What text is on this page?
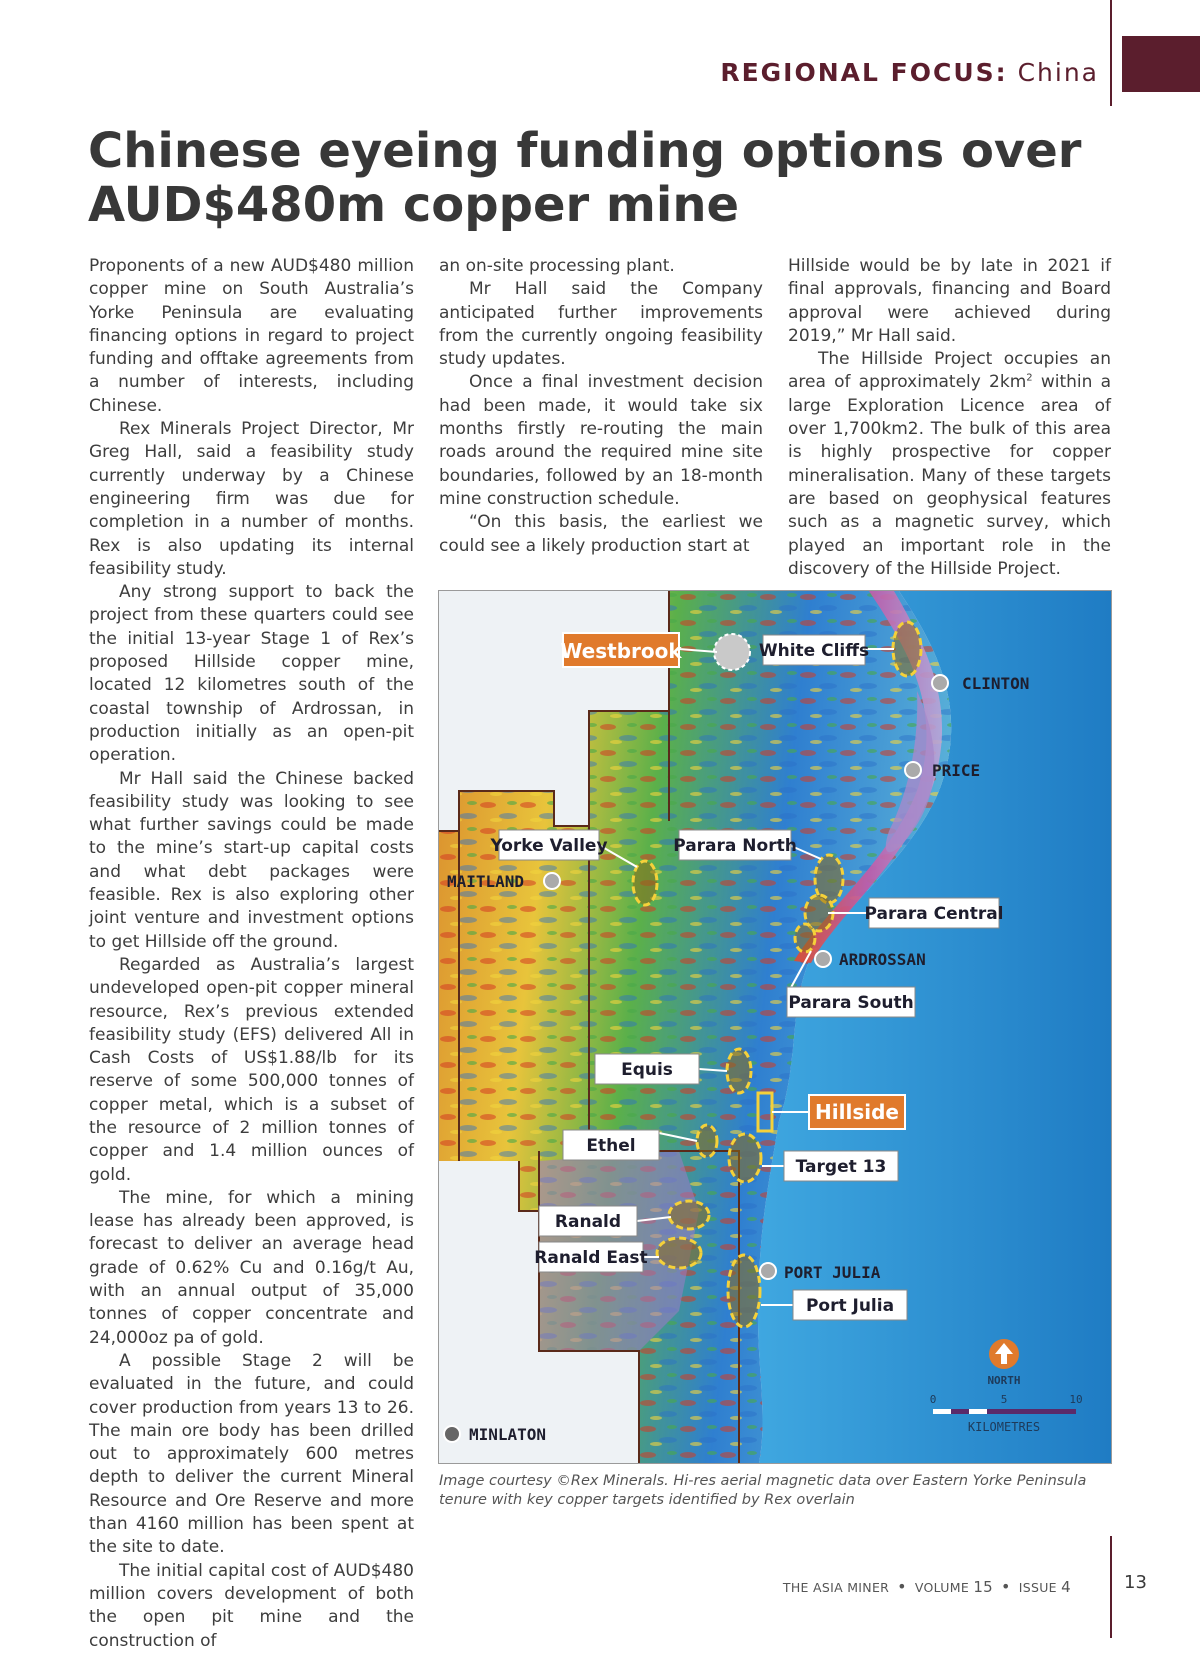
REGIONAL FOCUS: China
Chinese eyeing funding options over
AUD$480m copper mine

Proponents of a new AUD$480 million copper mine on South Australia’s Yorke Peninsula are evaluating financing options in regard to project funding and offtake agreements from a number of interests, including Chinese.

Rex Minerals Project Director, Mr Greg Hall, said a feasibility study currently underway by a Chinese engineering firm was due for completion in a number of months. Rex is also updating its internal feasibility study.

Any strong support to back the project from these quarters could see the initial 13-year Stage 1 of Rex’s proposed Hillside copper mine, located 12 kilometres south of the coastal township of Ardrossan, in production initially as an open-pit operation.

Mr Hall said the Chinese backed feasibility study was looking to see what further savings could be made to the mine’s start-up capital costs and what debt packages were feasible. Rex is also exploring other joint venture and investment options to get Hillside off the ground.

Regarded as Australia’s largest undeveloped open-pit copper mineral resource, Rex’s previous extended feasibility study (EFS) delivered All in Cash Costs of US$1.88/lb for its reserve of some 500,000 tonnes of copper metal, which is a subset of the resource of 2 million tonnes of copper and 1.4 million ounces of gold.

The mine, for which a mining lease has already been approved, is forecast to deliver an average head grade of 0.62% Cu and 0.16g/t Au, with an annual output of 35,000 tonnes of copper concentrate and 24,000oz pa of gold.

A possible Stage 2 will be evaluated in the future, and could cover production from years 13 to 26. The main ore body has been drilled out to approximately 600 metres depth to deliver the current Mineral Resource and Ore Reserve and more than 4160 million has been spent at the site to date.

The initial capital cost of AUD$480 million covers development of both the open pit mine and the construction of

an on-site processing plant.

Mr Hall said the Company anticipated further improvements from the currently ongoing feasibility study updates.

Once a final investment decision had been made, it would take six months firstly re-routing the main roads around the required mine site boundaries, followed by an 18-month mine construction schedule.

“On this basis, the earliest we could see a likely production start at

Hillside would be by late in 2021 if final approvals, financing and Board approval were achieved during 2019,” Mr Hall said.

The Hillside Project occupies an area of approximately $2km^2$ within a large Exploration Licence area of over 1,700km2. The bulk of this area is highly prospective for copper mineralisation. Many of these targets are based on geophysical features such as a magnetic survey, which played an important role in the discovery of the Hillside Project.

Westbrook	White Cliffs
Yorke Valley	Parara North
Parara Central
Parara South
Equis
Hillside
Ethel
Target 13
Ranald
Ranald East
Port Julia
CLINTON
PRICE
MAITLAND
ARDROSSAN
PORT JULIA
MINLATON
NORTH
0	5	10
KILOMETRES
Image courtesy ©Rex Minerals. Hi-res aerial magnetic data over Eastern Yorke Peninsula tenure with key copper targets identified by Rex overlain
THE ASIA MINER • VOLUME 15 • ISSUE 4	13
